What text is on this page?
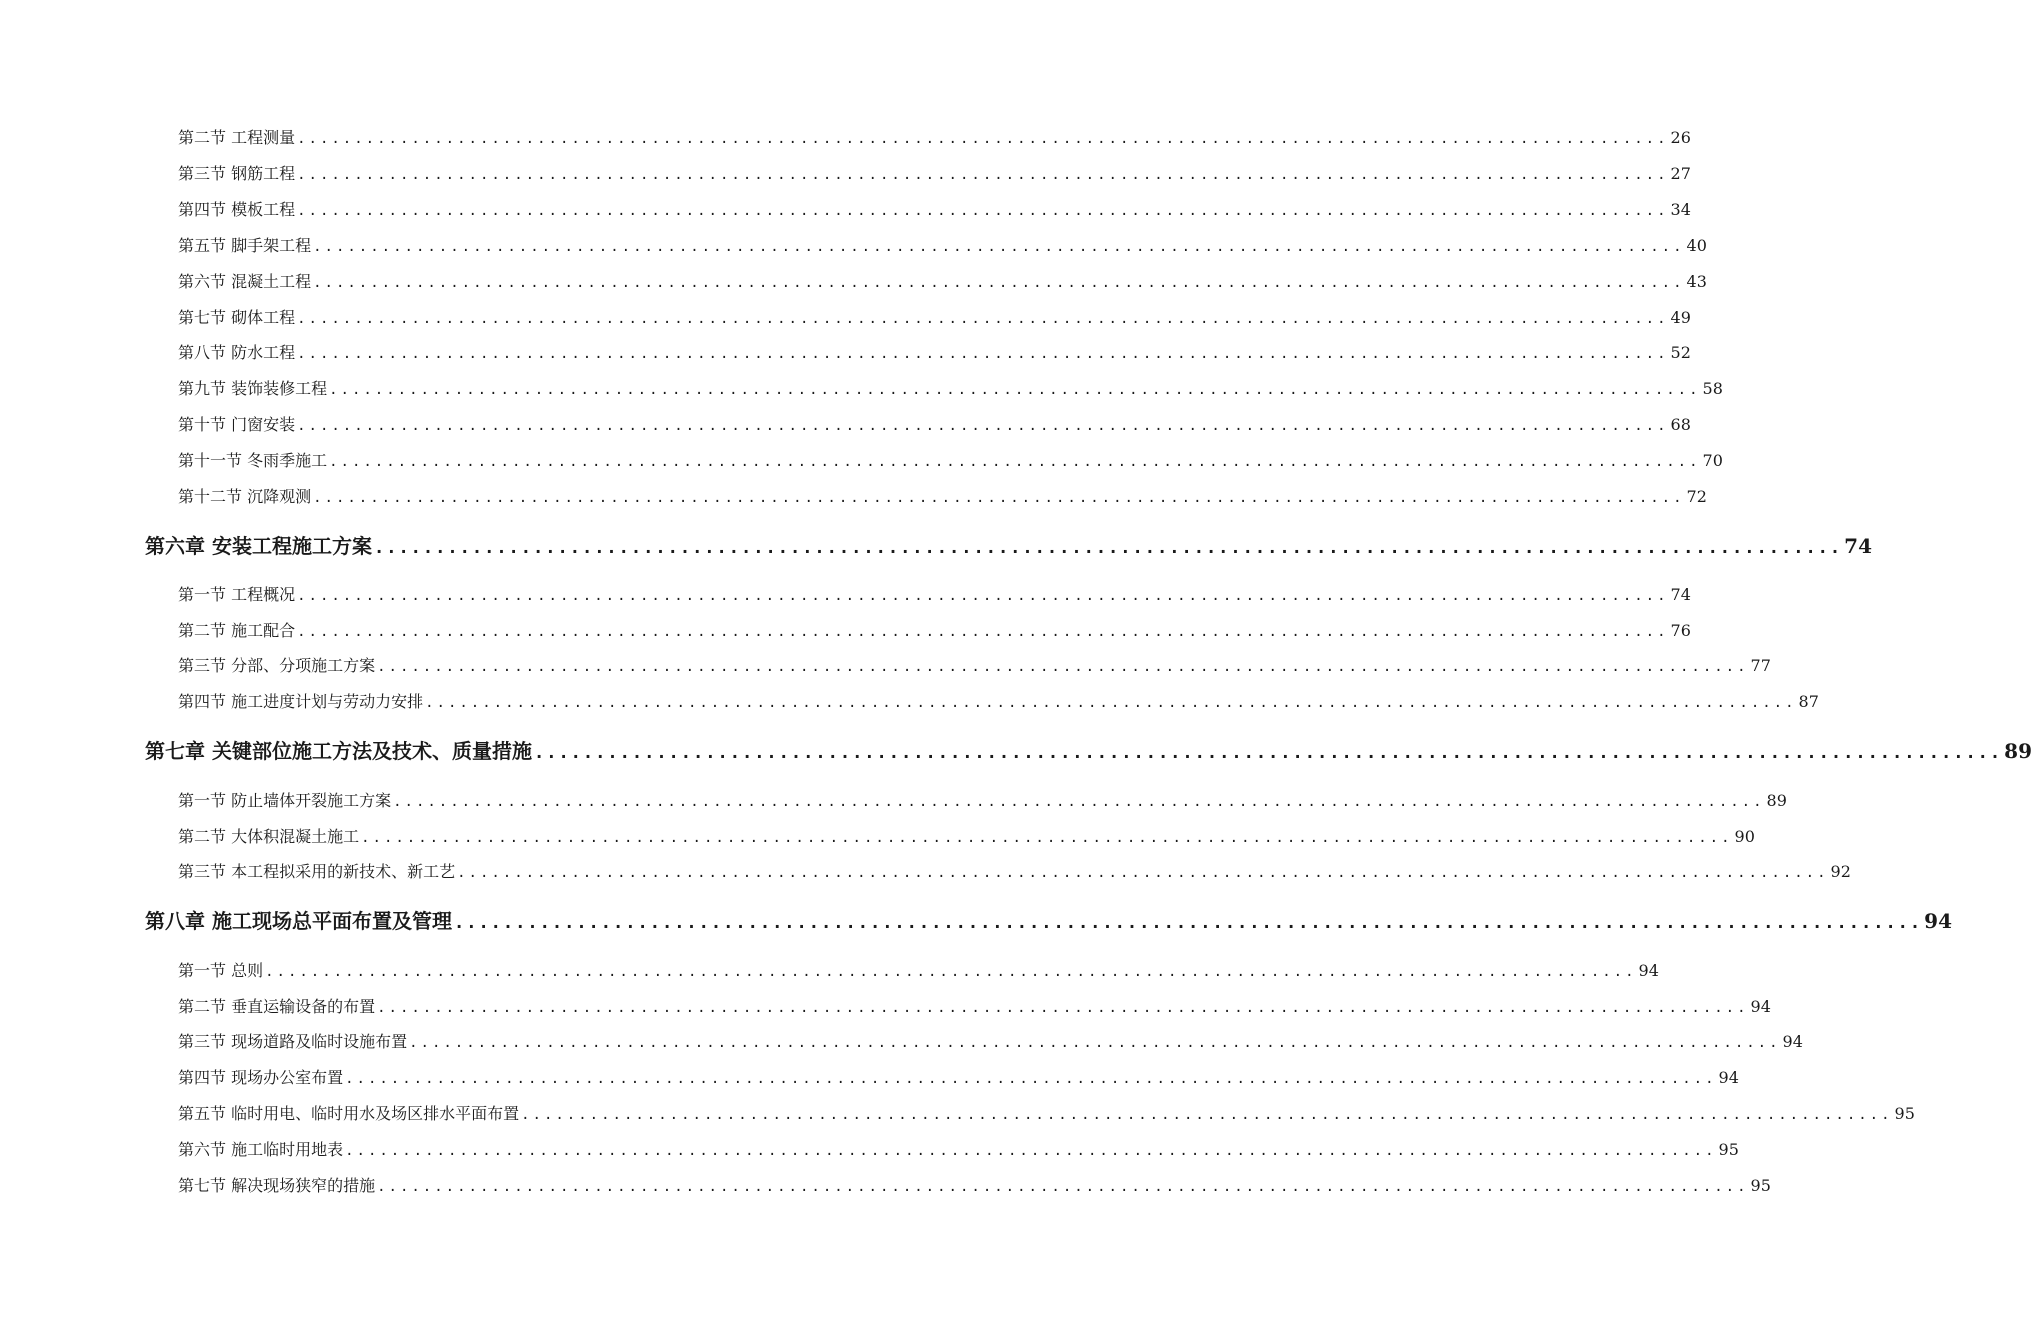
第二节 工程测量 ........................................................................................................................ 26
第三节 钢筋工程 ........................................................................................................................ 27
第四节 模板工程 ........................................................................................................................ 34
第五节 脚手架工程 ........................................................................................................................ 40
第六节 混凝土工程 ........................................................................................................................ 43
第七节 砌体工程 ........................................................................................................................ 49
第八节 防水工程 ........................................................................................................................ 52
第九节 装饰装修工程 ........................................................................................................................ 58
第十节 门窗安装 ........................................................................................................................ 68
第十一节 冬雨季施工 ........................................................................................................................ 70
第十二节 沉降观测 ........................................................................................................................ 72
第六章 安装工程施工方案 ........................................................................................................................ 74
第一节 工程概况 ........................................................................................................................ 74
第二节 施工配合 ........................................................................................................................ 76
第三节 分部、分项施工方案 ........................................................................................................................ 77
第四节 施工进度计划与劳动力安排 ........................................................................................................................ 87
第七章 关键部位施工方法及技术、质量措施 ........................................................................................................................ 89
第一节 防止墙体开裂施工方案 ........................................................................................................................ 89
第二节 大体积混凝土施工 ........................................................................................................................ 90
第三节 本工程拟采用的新技术、新工艺 ........................................................................................................................ 92
第八章 施工现场总平面布置及管理 ........................................................................................................................ 94
第一节 总则 ........................................................................................................................ 94
第二节 垂直运输设备的布置 ........................................................................................................................ 94
第三节 现场道路及临时设施布置 ........................................................................................................................ 94
第四节 现场办公室布置 ........................................................................................................................ 94
第五节 临时用电、临时用水及场区排水平面布置 ........................................................................................................................ 95
第六节 施工临时用地表 ........................................................................................................................ 95
第七节 解决现场狭窄的措施 ........................................................................................................................ 95
